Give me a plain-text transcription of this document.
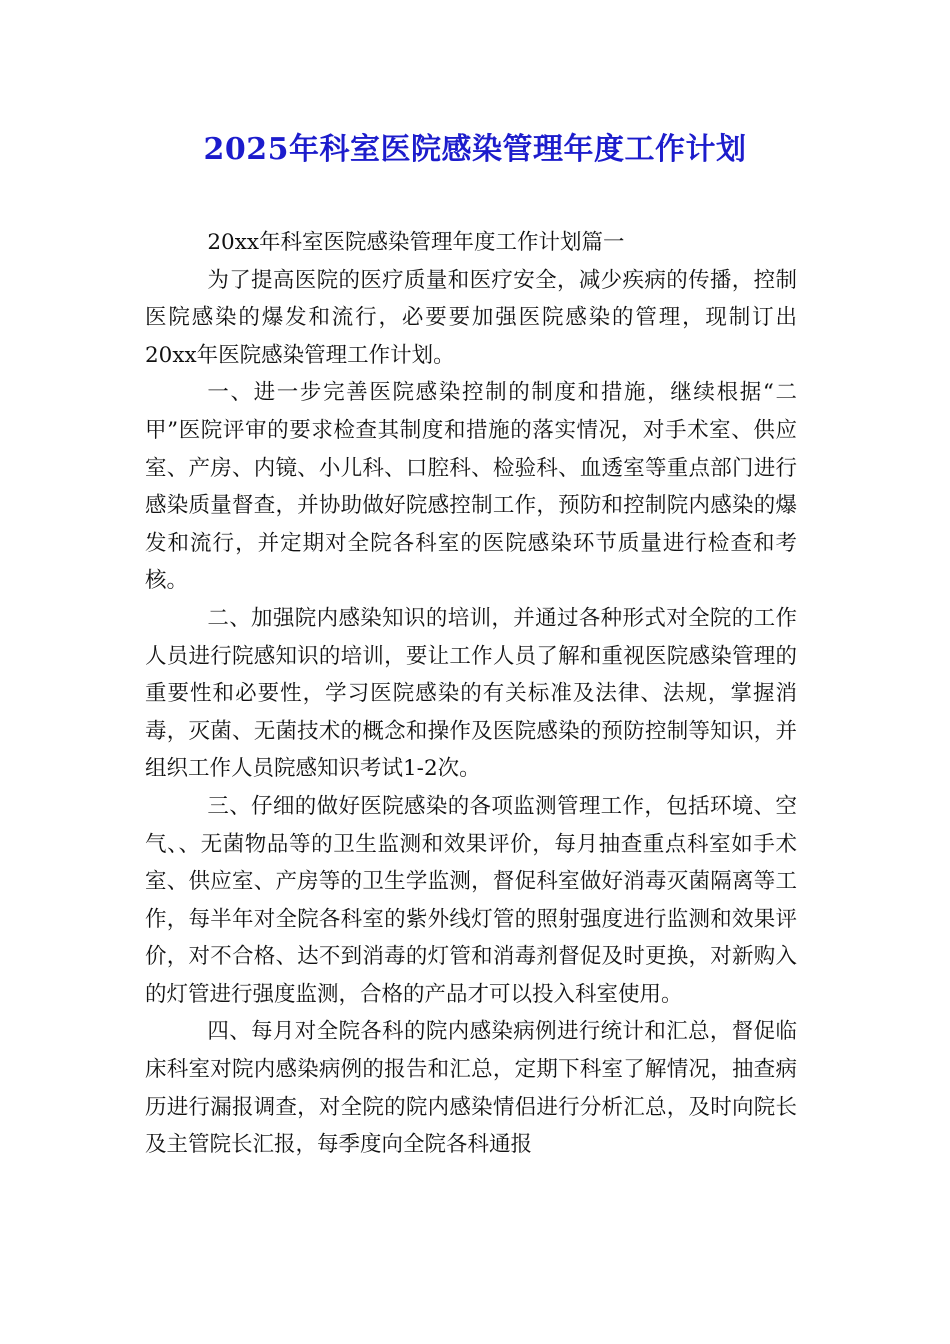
2025年科室医院感染管理年度工作计划

20xx年科室医院感染管理年度工作计划篇一

为了提高医院的医疗质量和医疗安全，减少疾病的传播，控制医院感染的爆发和流行，必要要加强医院感染的管理，现制订出20xx年医院感染管理工作计划。

一、进一步完善医院感染控制的制度和措施，继续根据“二甲”医院评审的要求检查其制度和措施的落实情况，对手术室、供应室、产房、内镜、小儿科、口腔科、检验科、血透室等重点部门进行感染质量督查，并协助做好院感控制工作，预防和控制院内感染的爆发和流行，并定期对全院各科室的医院感染环节质量进行检查和考核。

二、加强院内感染知识的培训，并通过各种形式对全院的工作人员进行院感知识的培训，要让工作人员了解和重视医院感染管理的重要性和必要性，学习医院感染的有关标准及法律、法规，掌握消毒，灭菌、无菌技术的概念和操作及医院感染的预防控制等知识，并组织工作人员院感知识考试1-2次。

三、仔细的做好医院感染的各项监测管理工作，包括环境、空气、、无菌物品等的卫生监测和效果评价，每月抽查重点科室如手术室、供应室、产房等的卫生学监测，督促科室做好消毒灭菌隔离等工作，每半年对全院各科室的紫外线灯管的照射强度进行监测和效果评价，对不合格、达不到消毒的灯管和消毒剂督促及时更换，对新购入的灯管进行强度监测，合格的产品才可以投入科室使用。

四、每月对全院各科的院内感染病例进行统计和汇总，督促临床科室对院内感染病例的报告和汇总，定期下科室了解情况，抽查病历进行漏报调查，对全院的院内感染情侣进行分析汇总，及时向院长及主管院长汇报，每季度向全院各科通报
